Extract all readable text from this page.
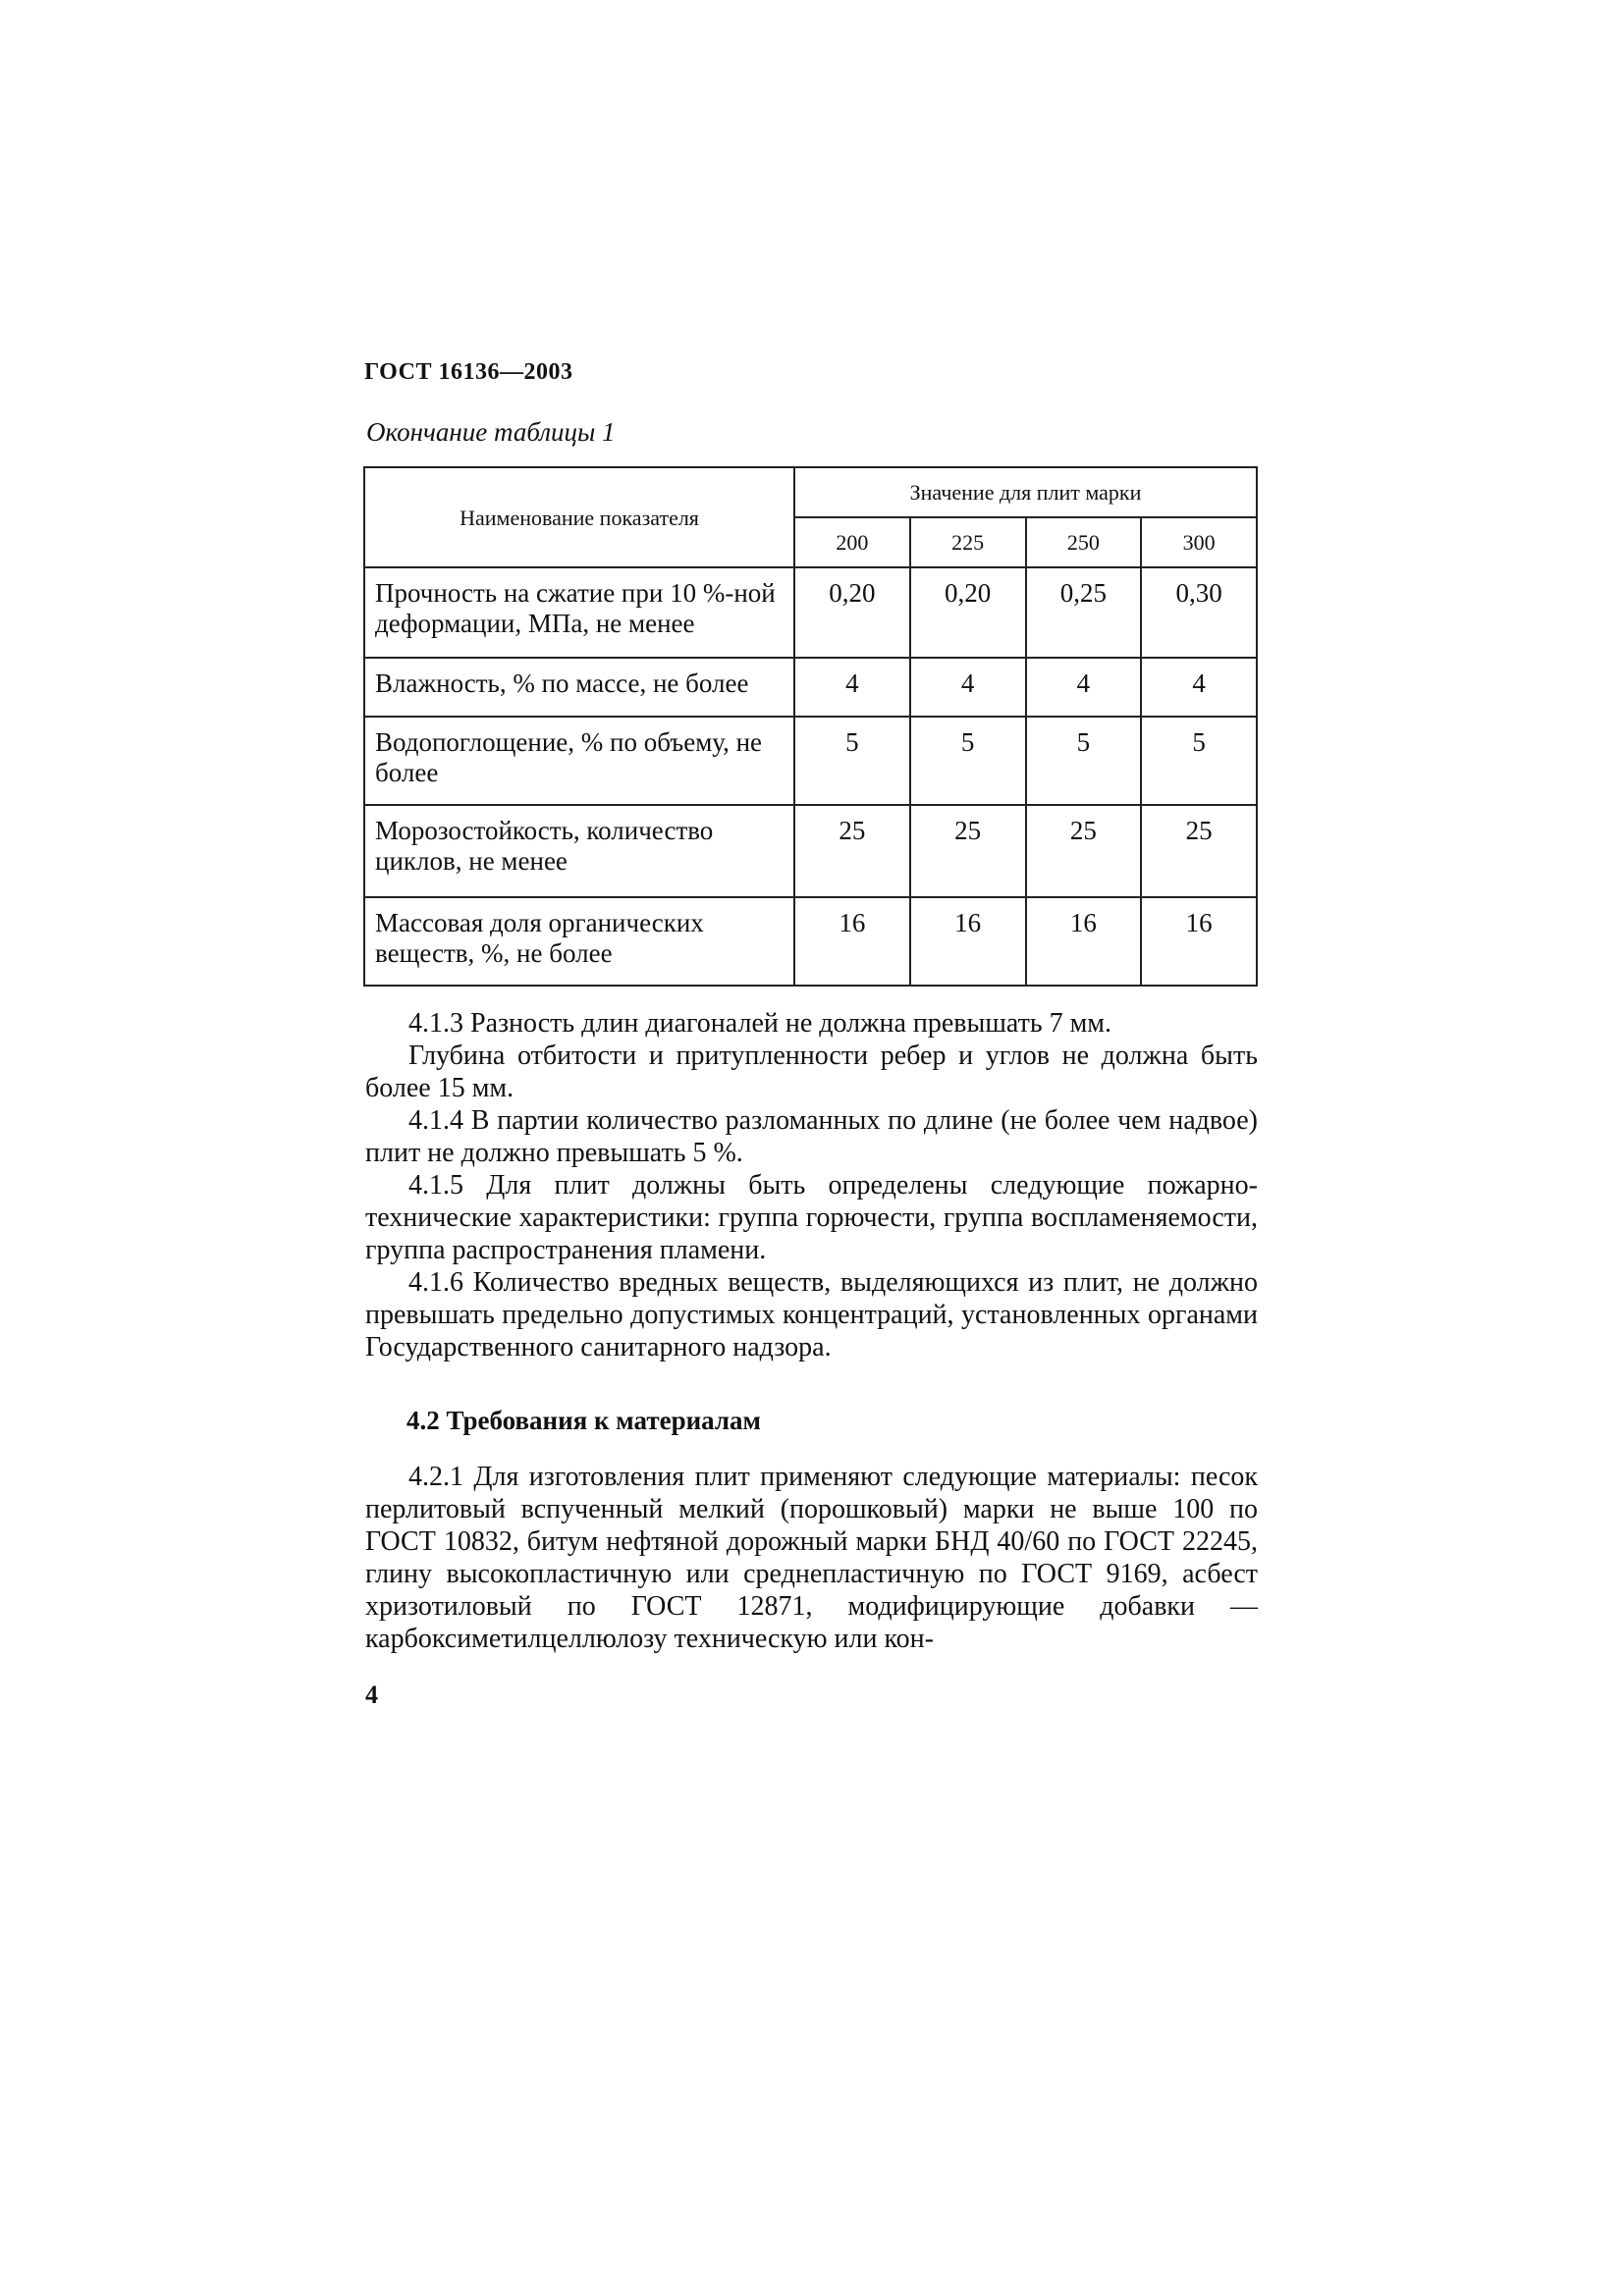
ГОСТ 16136—2003
Окончание таблицы 1
Наименование показателя	Значение для плит марки			
	200	225	250	300
Прочность на сжатие при 10 %-ной деформации, МПа, не менее	0,20	0,20	0,25	0,30
Влажность, % по массе, не более	4	4	4	4
Водопоглощение, % по объему, не более	5	5	5	5
Морозостойкость, количество циклов, не менее	25	25	25	25
Массовая доля органических веществ, %, не более	16	16	16	16

4.1.3 Разность длин диагоналей не должна превышать 7 мм.

Глубина отбитости и притупленности ребер и углов не должна быть более 15 мм.

4.1.4 В партии количество разломанных по длине (не более чем надвое) плит не должно превышать 5 %.

4.1.5 Для плит должны быть определены следующие пожарно-технические характеристики: группа горючести, группа воспламеняемости, группа распространения пламени.

4.1.6 Количество вредных веществ, выделяющихся из плит, не должно превышать предельно допустимых концентраций, установленных органами Государственного санитарного надзора.

4.2 Требования к материалам

4.2.1 Для изготовления плит применяют следующие материалы: песок перлитовый вспученный мелкий (порошковый) марки не выше 100 по ГОСТ 10832, битум нефтяной дорожный марки БНД 40/60 по ГОСТ 22245, глину высокопластичную или среднепластичную по ГОСТ 9169, асбест хризотиловый по ГОСТ 12871, модифицирующие добавки — карбоксиметилцеллюлозу техническую или кон-

4
